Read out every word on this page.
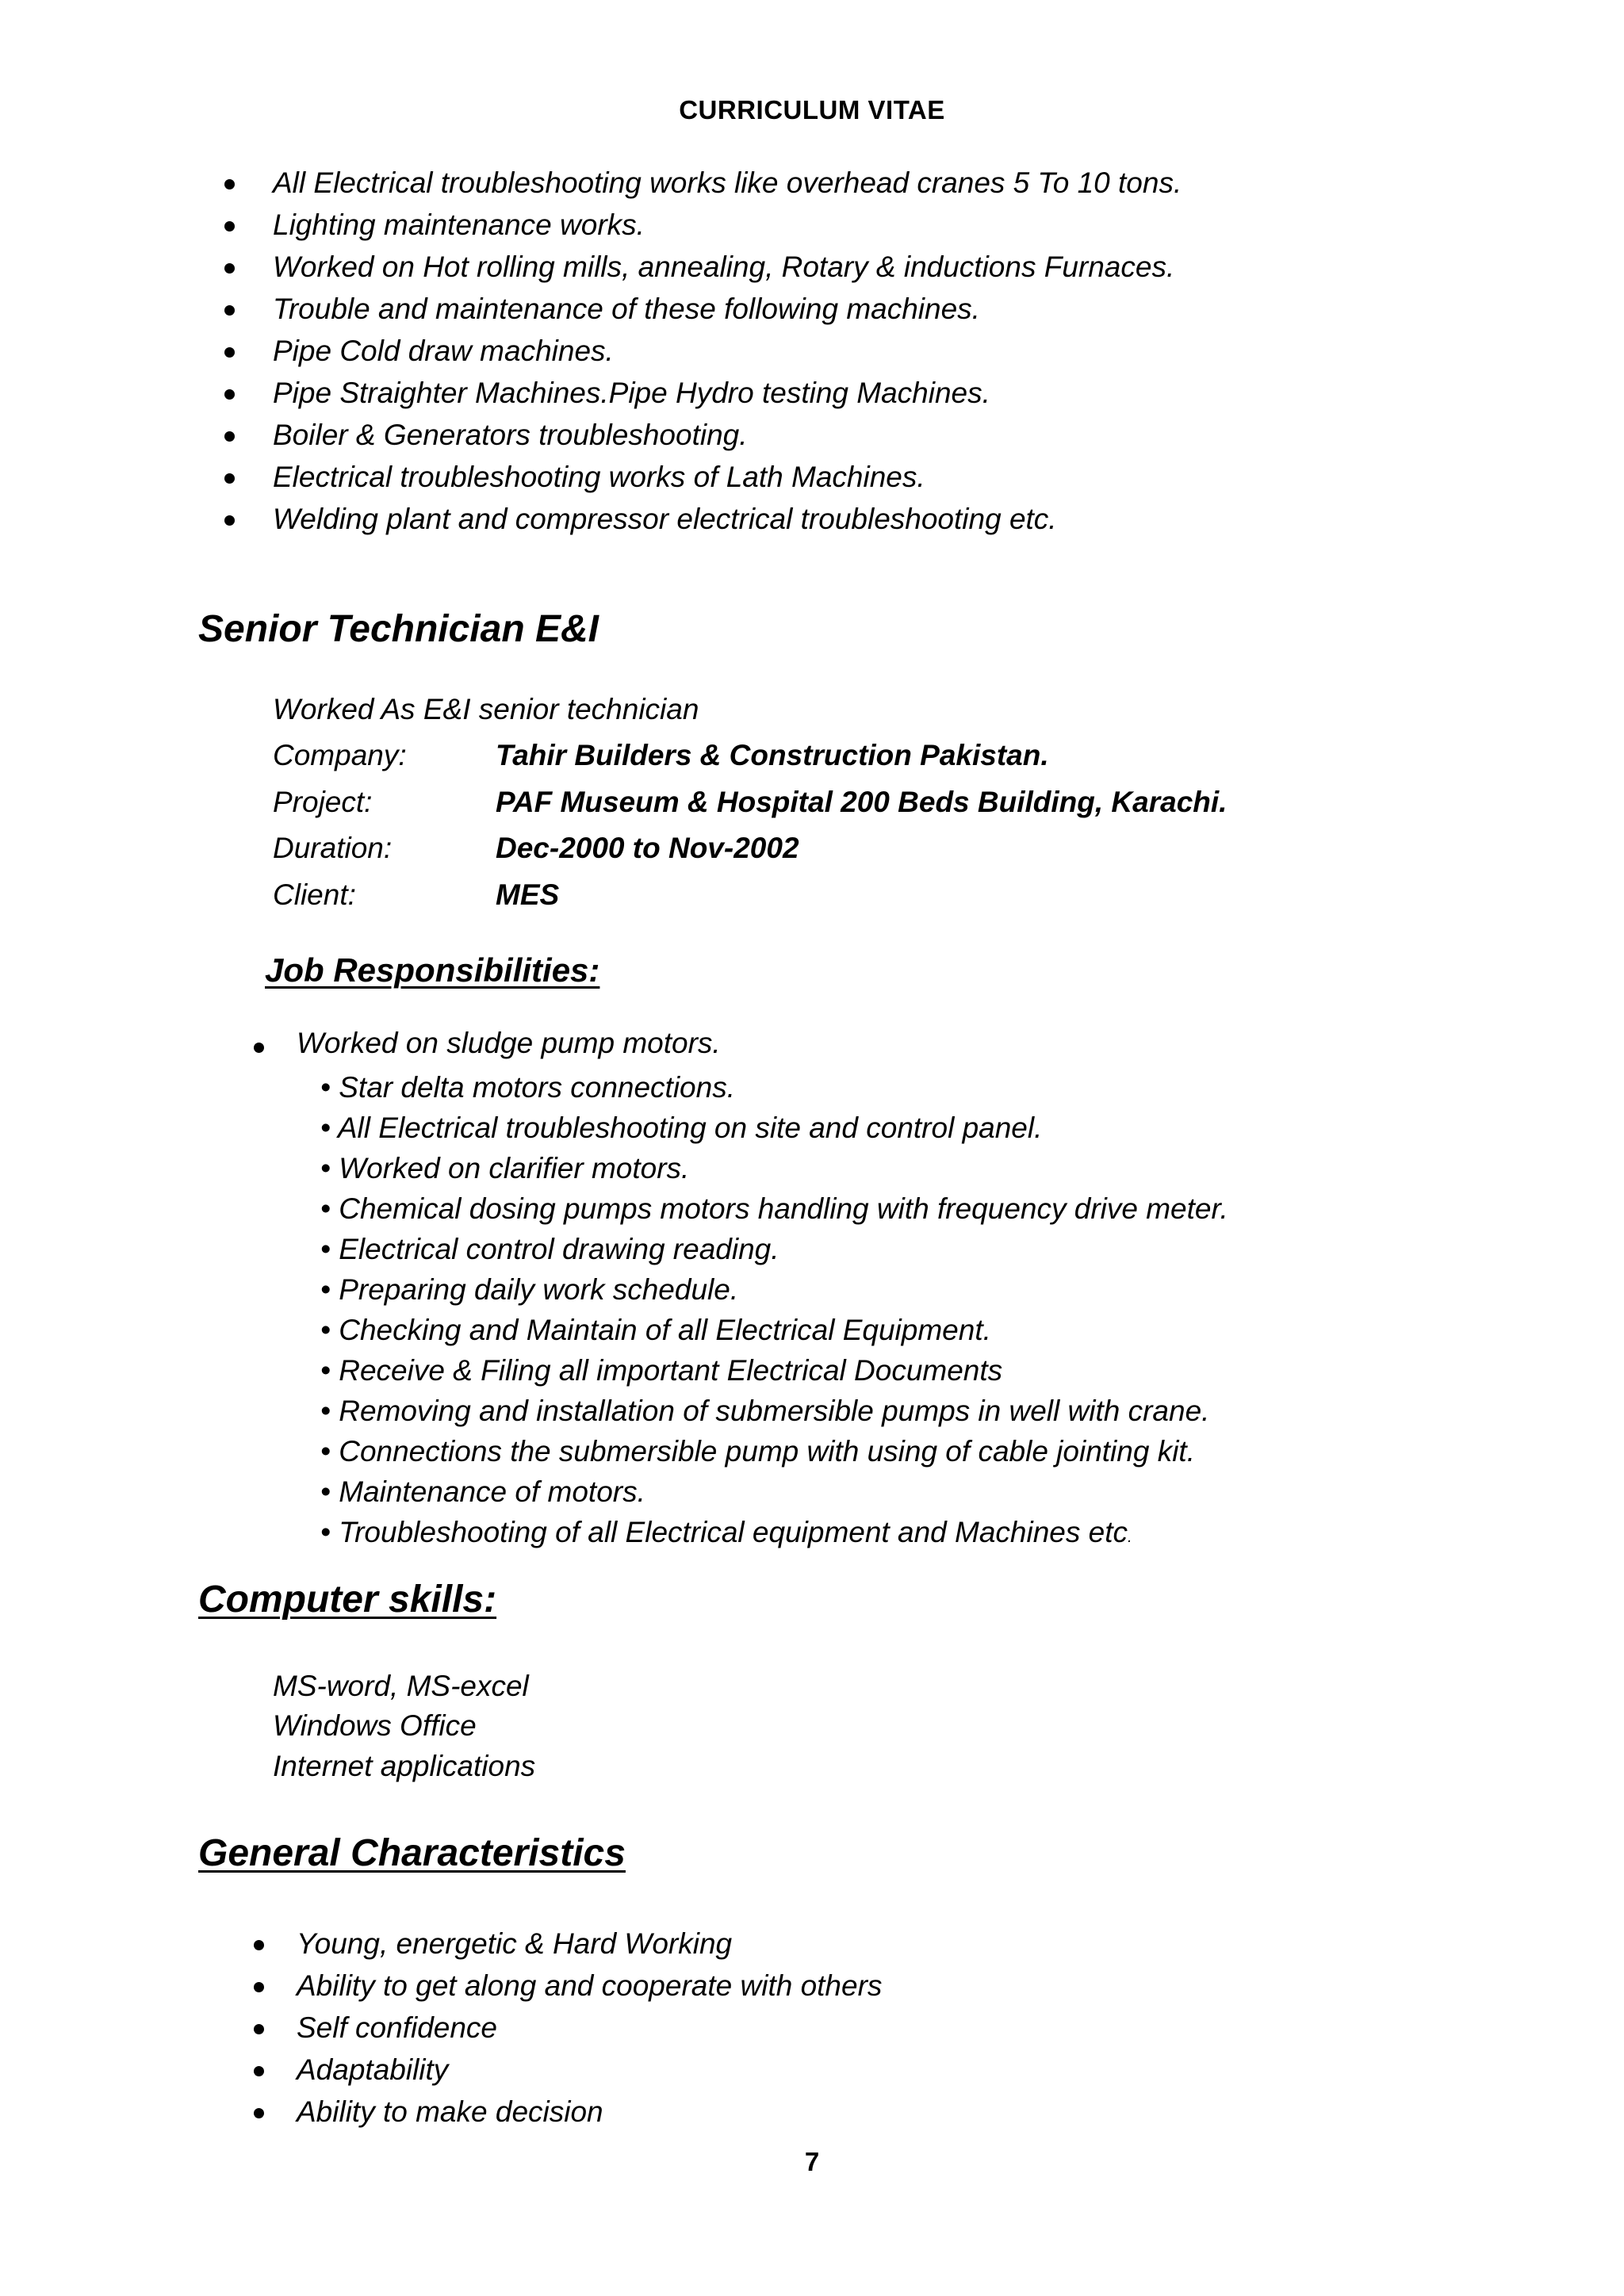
CURRICULUM VITAE
All Electrical troubleshooting works like overhead cranes 5 To 10 tons.
Lighting maintenance works.
Worked on Hot rolling mills, annealing, Rotary & inductions Furnaces.
Trouble and maintenance of these following machines.
Pipe Cold draw machines.
Pipe Straighter Machines.Pipe Hydro testing Machines.
Boiler & Generators troubleshooting.
Electrical troubleshooting works of Lath Machines.
Welding plant and compressor electrical troubleshooting etc.
Senior Technician E&I
Worked As E&I senior technician
Company:	Tahir Builders & Construction Pakistan.
Project:	PAF Museum & Hospital 200 Beds Building, Karachi.
Duration:	Dec-2000 to Nov-2002
Client:	MES
Job Responsibilities:
Worked on sludge pump motors.
• Star delta motors connections.
• All Electrical troubleshooting on site and control panel.
• Worked on clarifier motors.
• Chemical dosing pumps motors handling with frequency drive meter.
• Electrical control drawing reading.
• Preparing daily work schedule.
• Checking and Maintain of all Electrical Equipment.
• Receive & Filing all important Electrical Documents
• Removing and installation of submersible pumps in well with crane.
• Connections the submersible pump with using of cable jointing kit.
• Maintenance of motors.
• Troubleshooting of all Electrical equipment and Machines etc.
Computer skills:
MS-word, MS-excel
Windows Office
Internet applications
General Characteristics
Young, energetic & Hard Working
Ability to get along and cooperate with others
Self confidence
Adaptability
Ability to make decision
7
